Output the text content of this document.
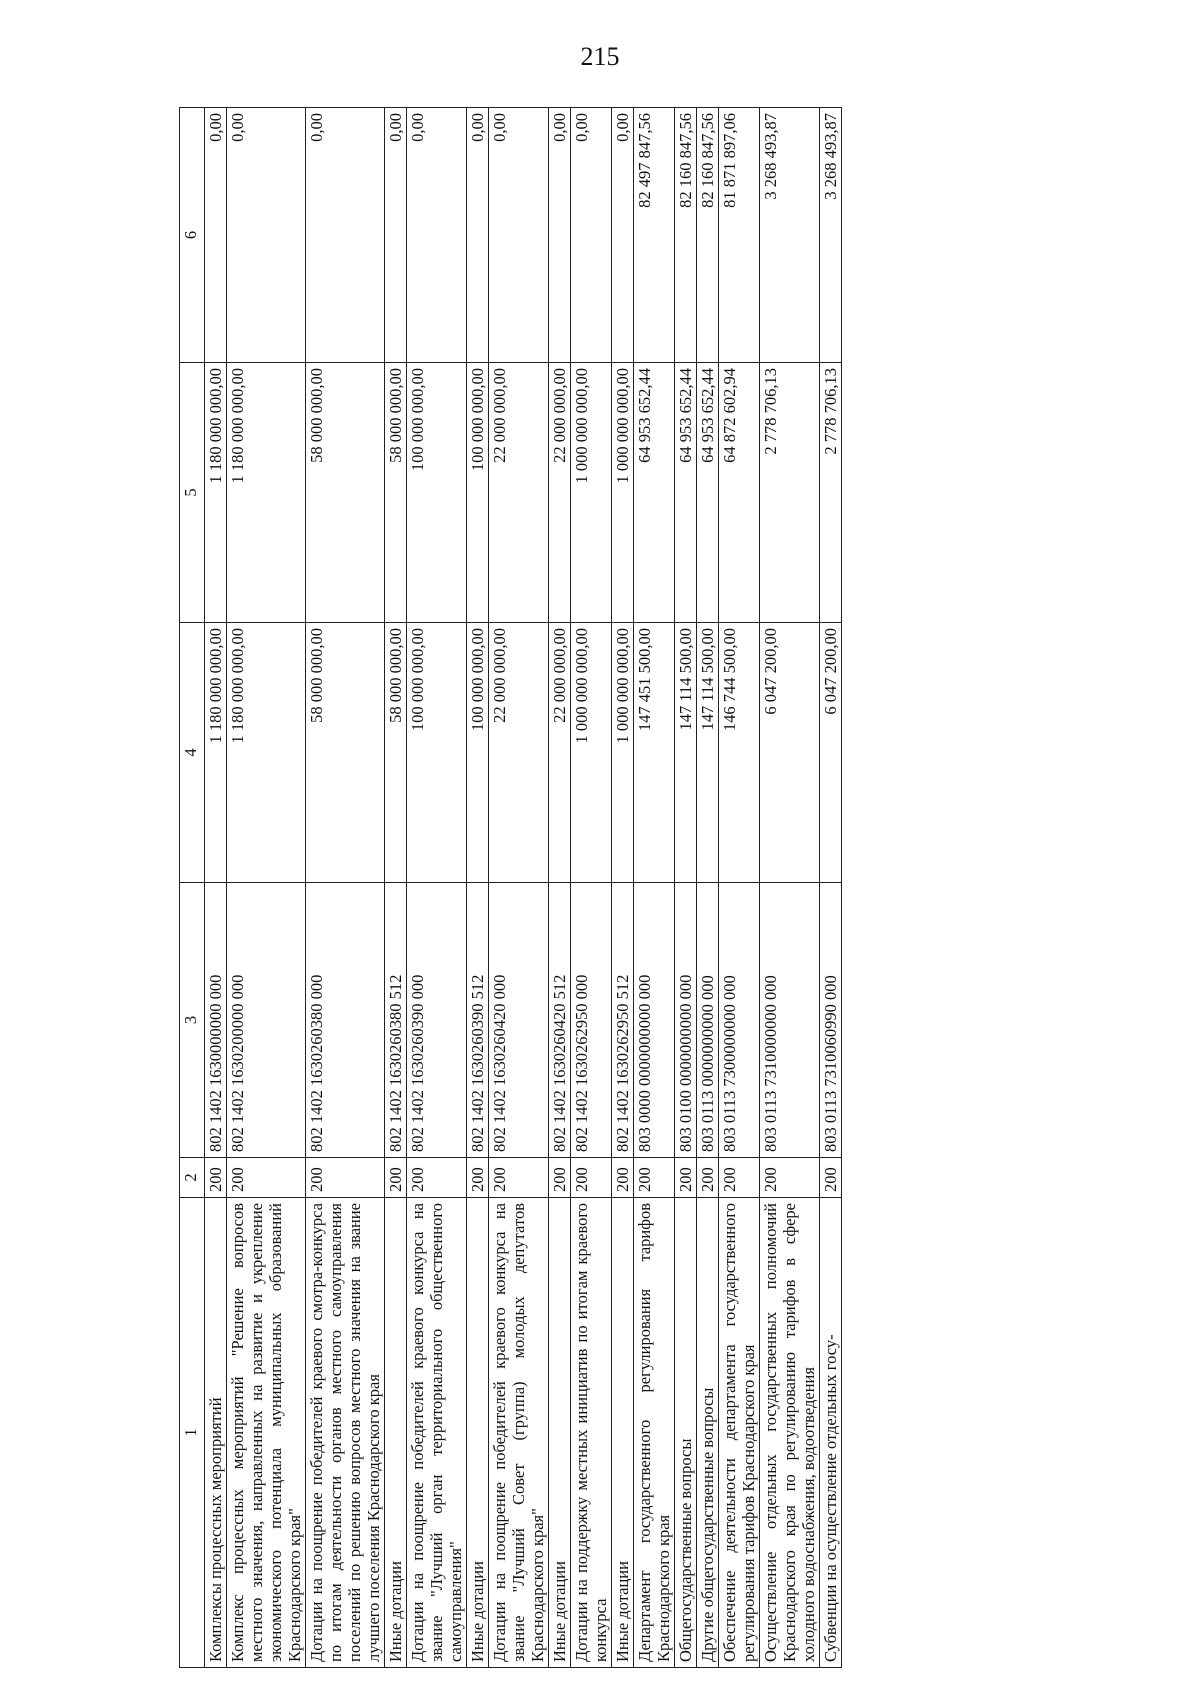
215
1	2	3	4	5	6
Комплексы процессных мероприятий	200	802 1402 1630000000 000	1 180 000 000,00	1 180 000 000,00	0,00
Комплекс процессных мероприятий "Решение вопросов местного значения, направленных на развитие и укрепление экономического потенциала муниципальных образований Краснодарского края"	200	802 1402 1630200000 000	1 180 000 000,00	1 180 000 000,00	0,00
Дотации на поощрение победителей краевого смотра-конкурса по итогам деятельности органов местного самоуправления поселений по решению вопросов местного значения на звание лучшего поселения Краснодарского края	200	802 1402 1630260380 000	58 000 000,00	58 000 000,00	0,00
Иные дотации	200	802 1402 1630260380 512	58 000 000,00	58 000 000,00	0,00
Дотации на поощрение победителей краевого конкурса на звание "Лучший орган территориального общественного самоуправления"	200	802 1402 1630260390 000	100 000 000,00	100 000 000,00	0,00
Иные дотации	200	802 1402 1630260390 512	100 000 000,00	100 000 000,00	0,00
Дотации на поощрение победителей краевого конкурса на звание "Лучший Совет (группа) молодых депутатов Краснодарского края"	200	802 1402 1630260420 000	22 000 000,00	22 000 000,00	0,00
Иные дотации	200	802 1402 1630260420 512	22 000 000,00	22 000 000,00	0,00
Дотации на поддержку местных инициатив по итогам краевого конкурса	200	802 1402 1630262950 000	1 000 000 000,00	1 000 000 000,00	0,00
Иные дотации	200	802 1402 1630262950 512	1 000 000 000,00	1 000 000 000,00	0,00
Департамент государственного регулирования тарифов Краснодарского края	200	803 0000 0000000000 000	147 451 500,00	64 953 652,44	82 497 847,56
Общегосударственные вопросы	200	803 0100 0000000000 000	147 114 500,00	64 953 652,44	82 160 847,56
Другие общегосударственные вопросы	200	803 0113 0000000000 000	147 114 500,00	64 953 652,44	82 160 847,56
Обеспечение деятельности департамента государственного регулирования тарифов Краснодарского края	200	803 0113 7300000000 000	146 744 500,00	64 872 602,94	81 871 897,06
Осуществление отдельных государственных полномочий Краснодарского края по регулированию тарифов в сфере холодного водоснабжения, водоотведения	200	803 0113 7310000000 000	6 047 200,00	2 778 706,13	3 268 493,87
Субвенции на осуществление отдельных госу-	200	803 0113 7310060990 000	6 047 200,00	2 778 706,13	3 268 493,87
